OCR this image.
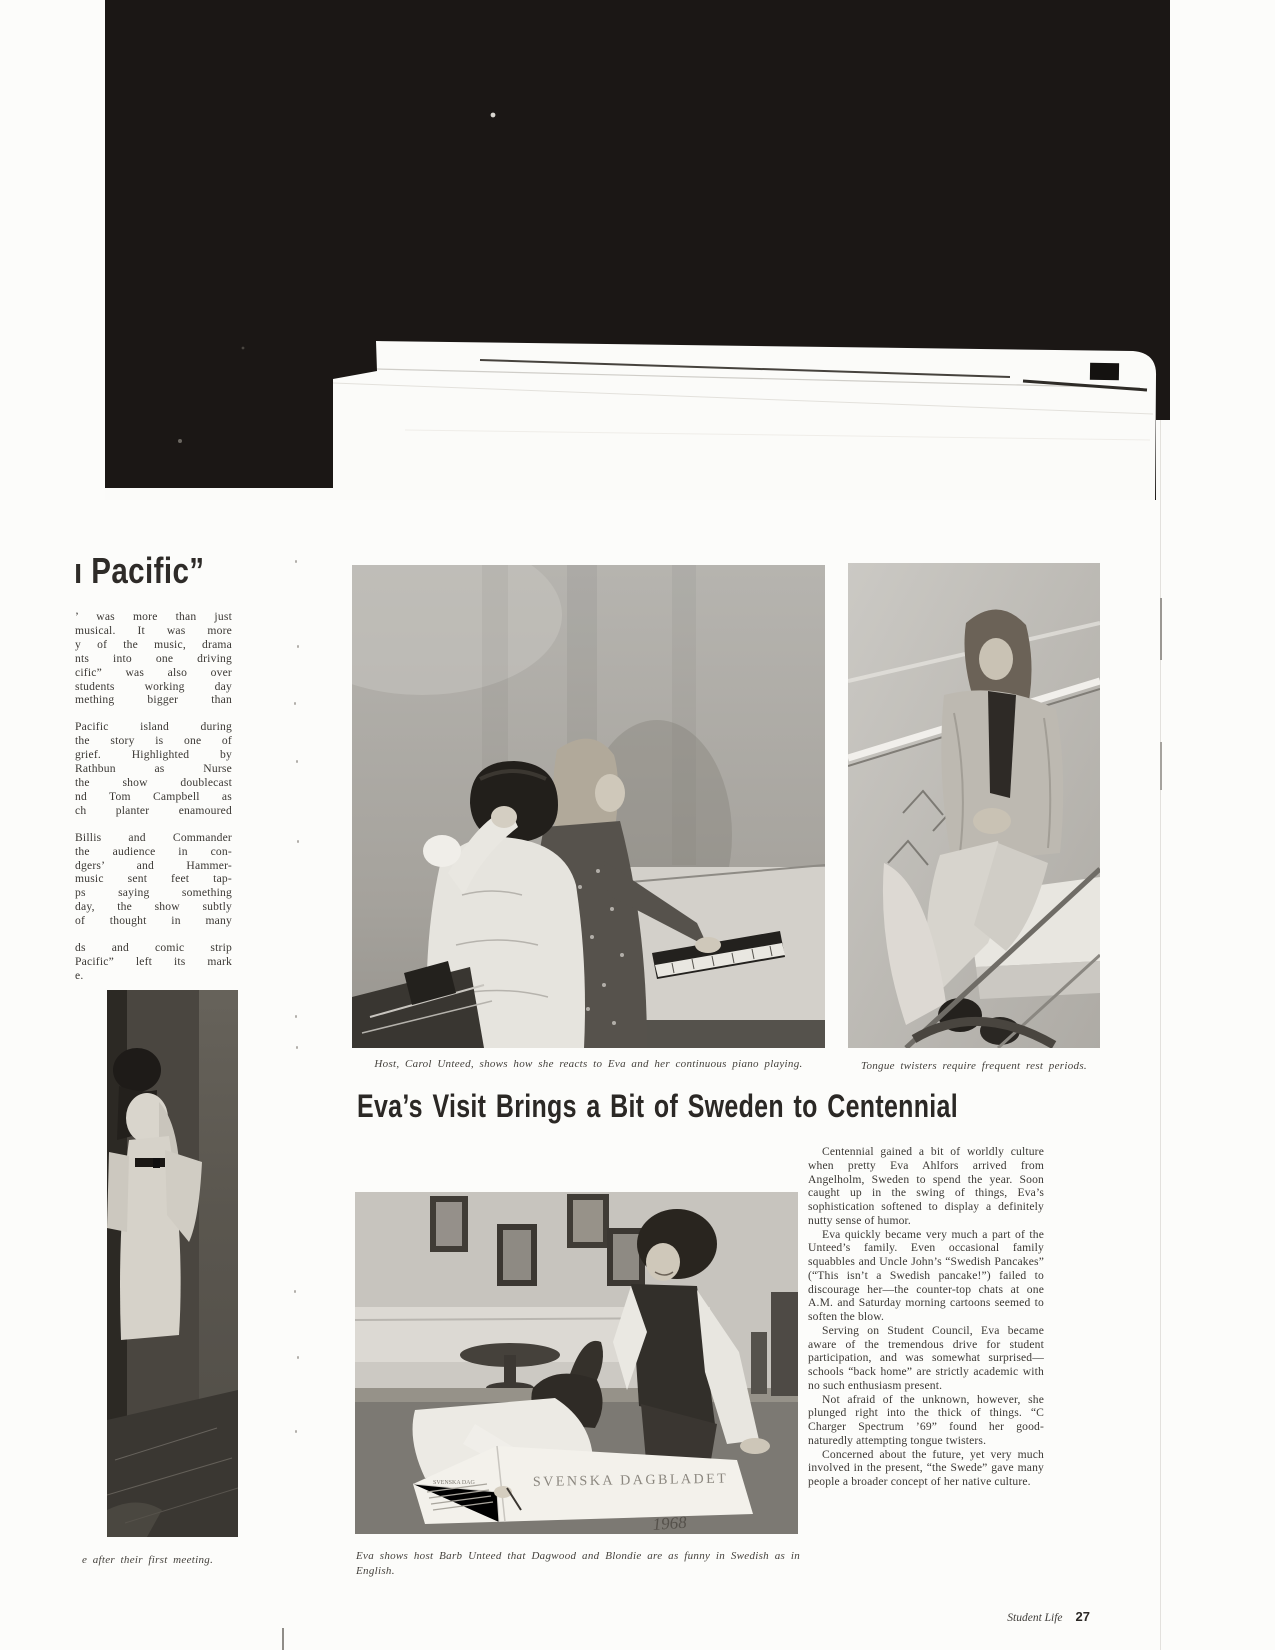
ı Pacific”
’ was more than just
musical. It was more
y of the music, drama
nts into one driving
cific” was also over
students working day
mething bigger than
Pacific island during
the story is one of
grief. Highlighted by
Rathbun as Nurse
the show doublecast
nd Tom Campbell as
ch planter enamoured
Billis and Commander
the audience in con-
dgers’ and Hammer-
music sent feet tap-
ps saying something
day, the show subtly
of thought in many
ds and comic strip
Pacific” left its mark
e.
Host, Carol Unteed, shows how she reacts to Eva and her continuous piano playing.	Tongue twisters require frequent rest periods.
Eva’s Visit Brings a Bit of Sweden to Centennial
SVENSKA DAG	SVENSKA DAGBLADET
1968

Centennial gained a bit of worldly culture when pretty Eva Ahlfors arrived from Angelholm, Sweden to spend the year. Soon caught up in the swing of things, Eva’s sophistication softened to display a definitely nutty sense of humor.

Eva quickly became very much a part of the Unteed’s family. Even occasional family squabbles and Uncle John’s “Swedish Pancakes” (“This isn’t a Swedish pancake!”) failed to discourage her—the counter-top chats at one A.M. and Saturday morning cartoons seemed to soften the blow.

Serving on Student Council, Eva became aware of the tremendous drive for student participation, and was somewhat surprised—schools “back home” are strictly academic with no such enthusiasm present.

Not afraid of the unknown, however, she plunged right into the thick of things. “C Charger Spectrum ’69” found her good-naturedly attempting tongue twisters.

Concerned about the future, yet very much involved in the present, “the Swede” gave many people a broader concept of her native culture.

Eva shows host Barb Unteed that Dagwood and Blondie are as funny in Swedish as in English.
e after their first meeting.
Student Life 27
